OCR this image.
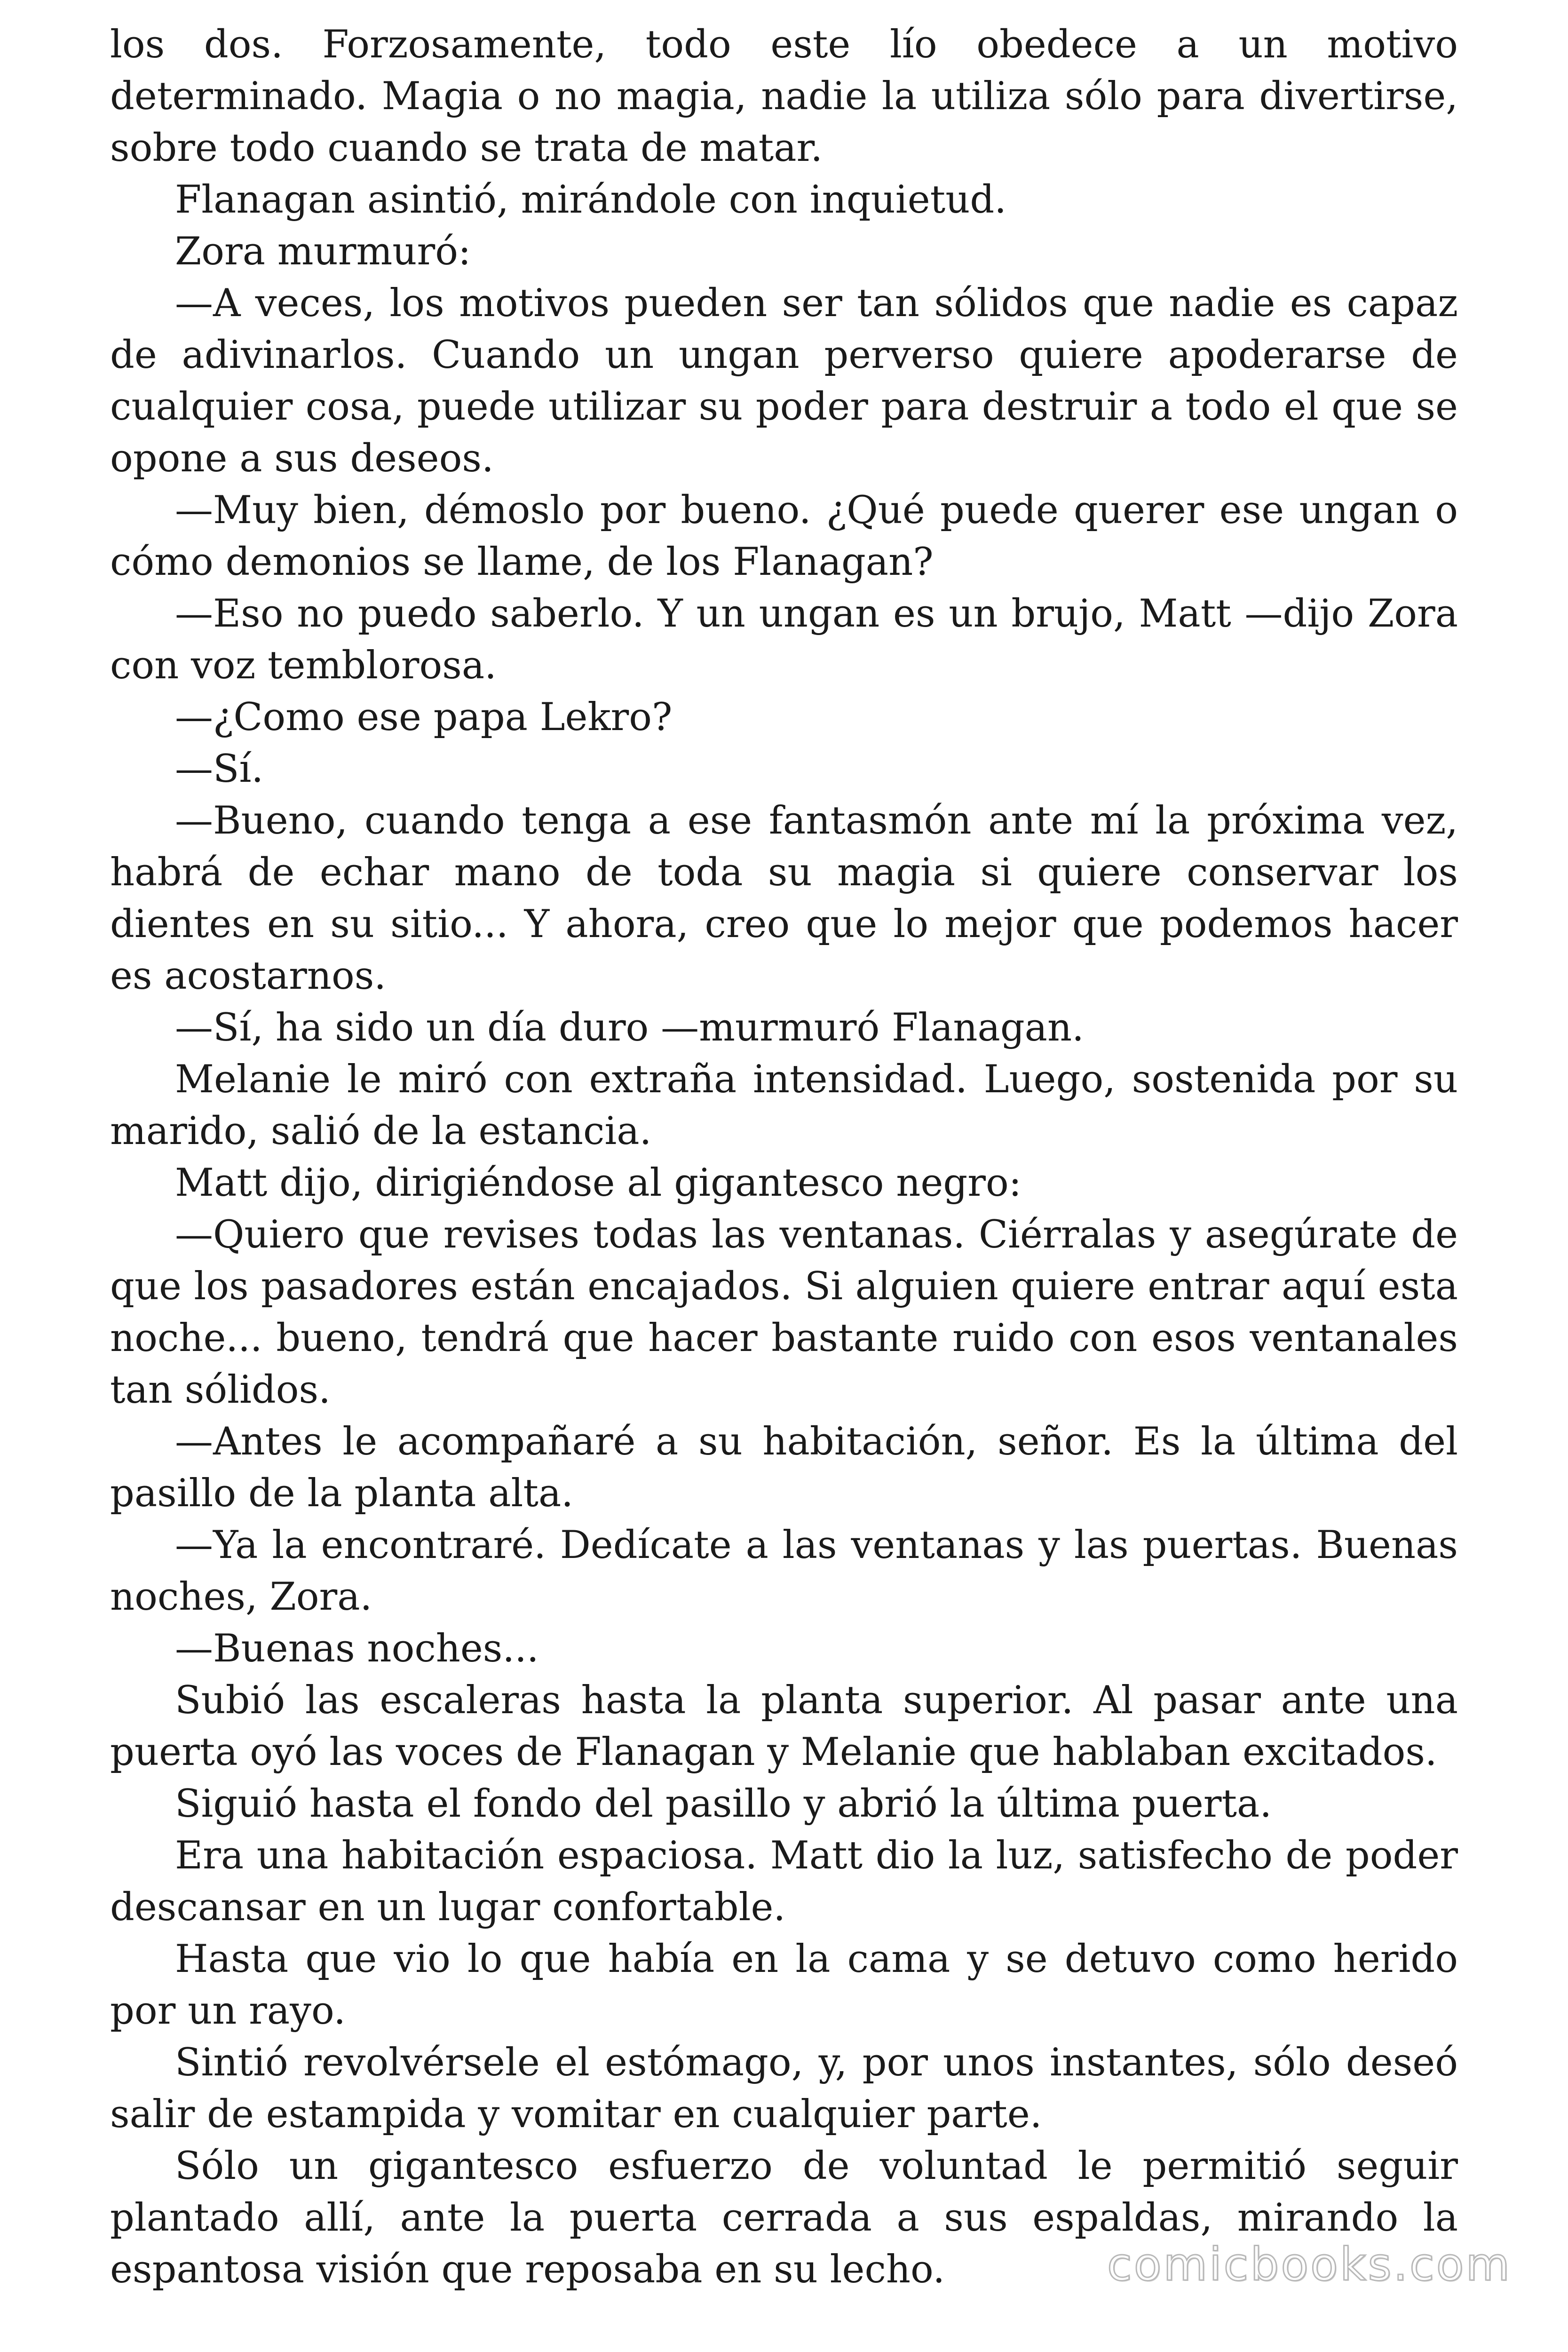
los dos. Forzosamente, todo este lío obedece a un motivo determinado. Magia o no magia, nadie la utiliza sólo para divertirse, sobre todo cuando se trata de matar.

Flanagan asintió, mirándole con inquietud.

Zora murmuró:

—A veces, los motivos pueden ser tan sólidos que nadie es capaz de adivinarlos. Cuando un ungan perverso quiere apoderarse de cualquier cosa, puede utilizar su poder para destruir a todo el que se opone a sus deseos.

—Muy bien, démoslo por bueno. ¿Qué puede querer ese ungan o cómo demonios se llame, de los Flanagan?

—Eso no puedo saberlo. Y un ungan es un brujo, Matt —dijo Zora con voz temblorosa.

—¿Como ese papa Lekro?

—Sí.

—Bueno, cuando tenga a ese fantasmón ante mí la próxima vez, habrá de echar mano de toda su magia si quiere conservar los dientes en su sitio... Y ahora, creo que lo mejor que podemos hacer es acostarnos.

—Sí, ha sido un día duro —murmuró Flanagan.

Melanie le miró con extraña intensidad. Luego, sostenida por su marido, salió de la estancia.

Matt dijo, dirigiéndose al gigantesco negro:

—Quiero que revises todas las ventanas. Ciérralas y asegúrate de que los pasadores están encajados. Si alguien quiere entrar aquí esta noche... bueno, tendrá que hacer bastante ruido con esos ventanales tan sólidos.

—Antes le acompañaré a su habitación, señor. Es la última del pasillo de la planta alta.

—Ya la encontraré. Dedícate a las ventanas y las puertas. Buenas noches, Zora.

—Buenas noches...

Subió las escaleras hasta la planta superior. Al pasar ante una puerta oyó las voces de Flanagan y Melanie que hablaban excitados.

Siguió hasta el fondo del pasillo y abrió la última puerta.

Era una habitación espaciosa. Matt dio la luz, satisfecho de poder descansar en un lugar confortable.

Hasta que vio lo que había en la cama y se detuvo como herido por un rayo.

Sintió revolvérsele el estómago, y, por unos instantes, sólo deseó salir de estampida y vomitar en cualquier parte.

Sólo un gigantesco esfuerzo de voluntad le permitió seguir plantado allí, ante la puerta cerrada a sus espaldas, mirando la espantosa visión que reposaba en su lecho.	comicbooks.com
